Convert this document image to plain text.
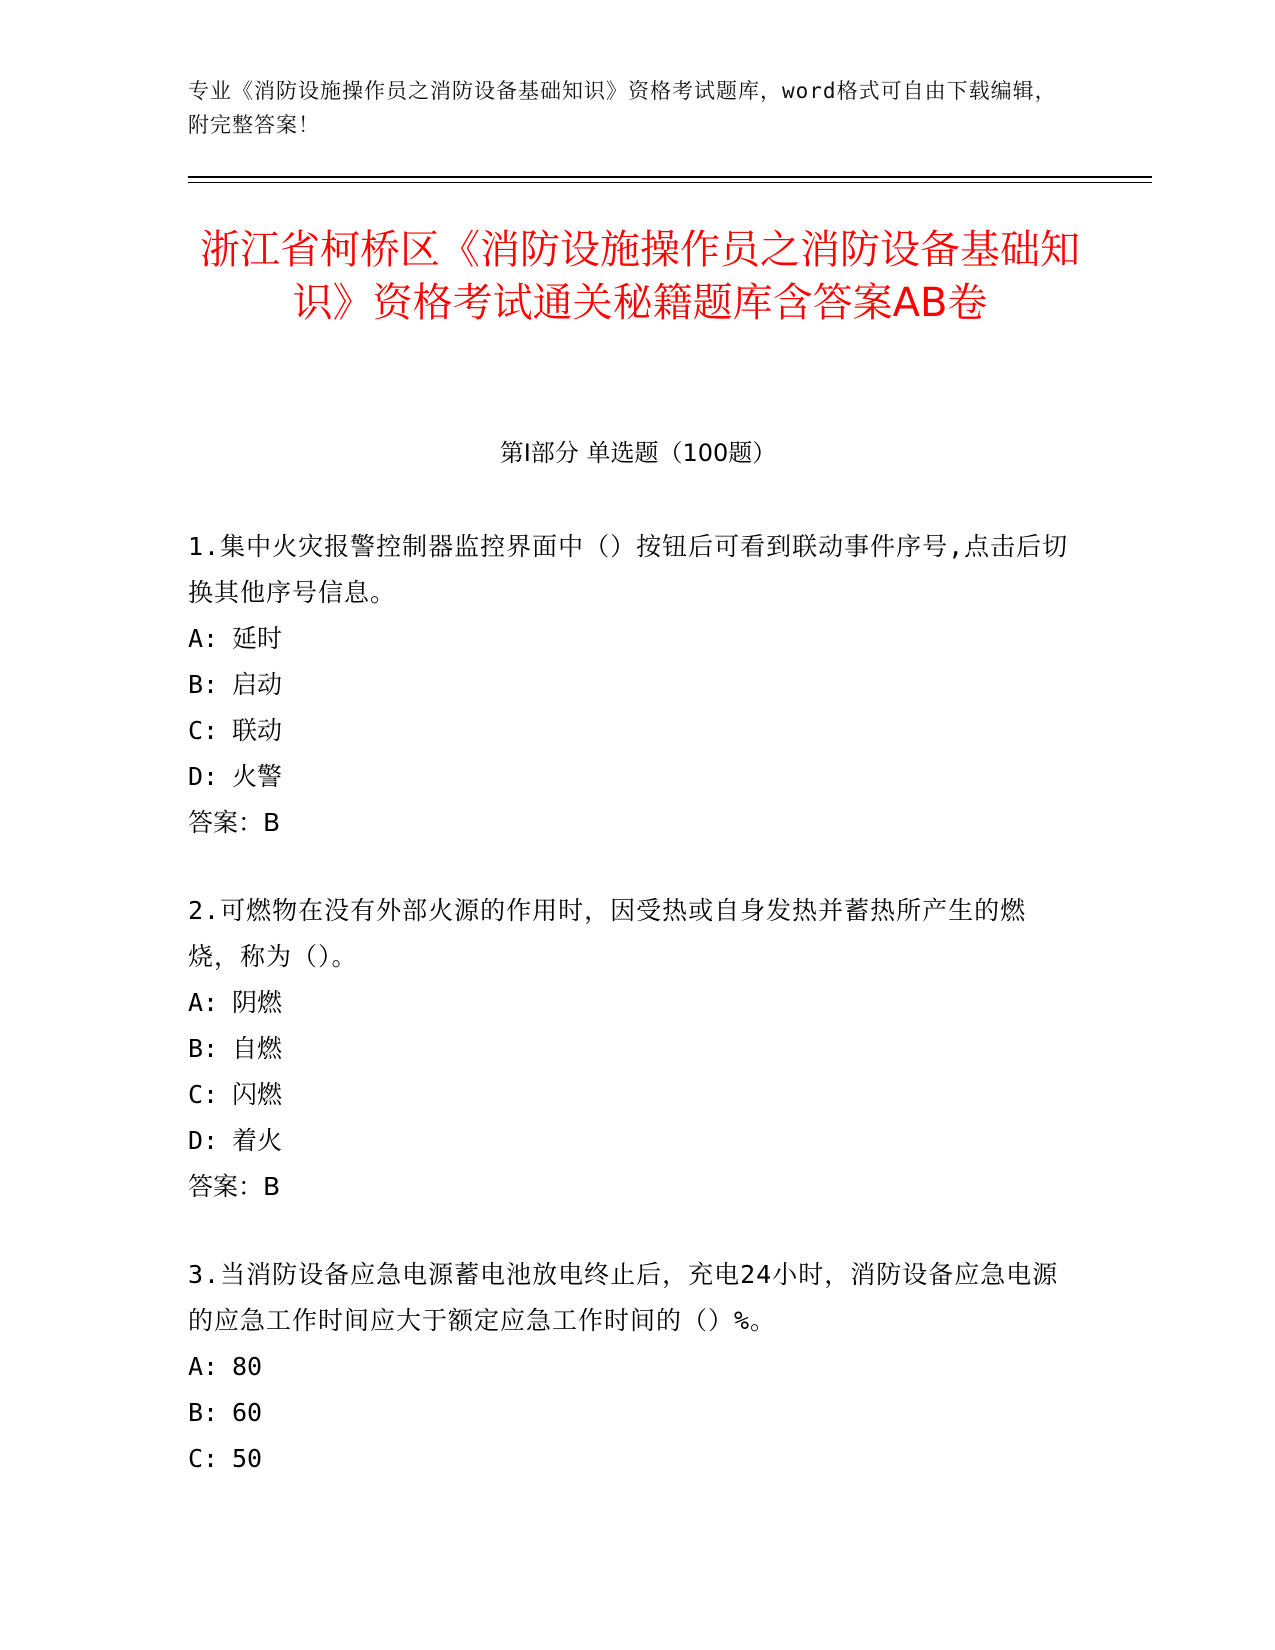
专业《消防设施操作员之消防设备基础知识》资格考试题库，word格式可自由下载编辑，附完整答案！
浙江省柯桥区《消防设施操作员之消防设备基础知识》资格考试通关秘籍题库含答案AB卷
第I部分 单选题（100题）

1.集中火灾报警控制器监控界面中（）按钮后可看到联动事件序号,点击后切换其他序号信息。

A: 延时
B: 启动
C: 联动
D: 火警
答案：B

2.可燃物在没有外部火源的作用时，因受热或自身发热并蓄热所产生的燃烧，称为（）。

A: 阴燃
B: 自燃
C: 闪燃
D: 着火
答案：B

3.当消防设备应急电源蓄电池放电终止后，充电24小时，消防设备应急电源的应急工作时间应大于额定应急工作时间的（）%。

A: 80
B: 60
C: 50
